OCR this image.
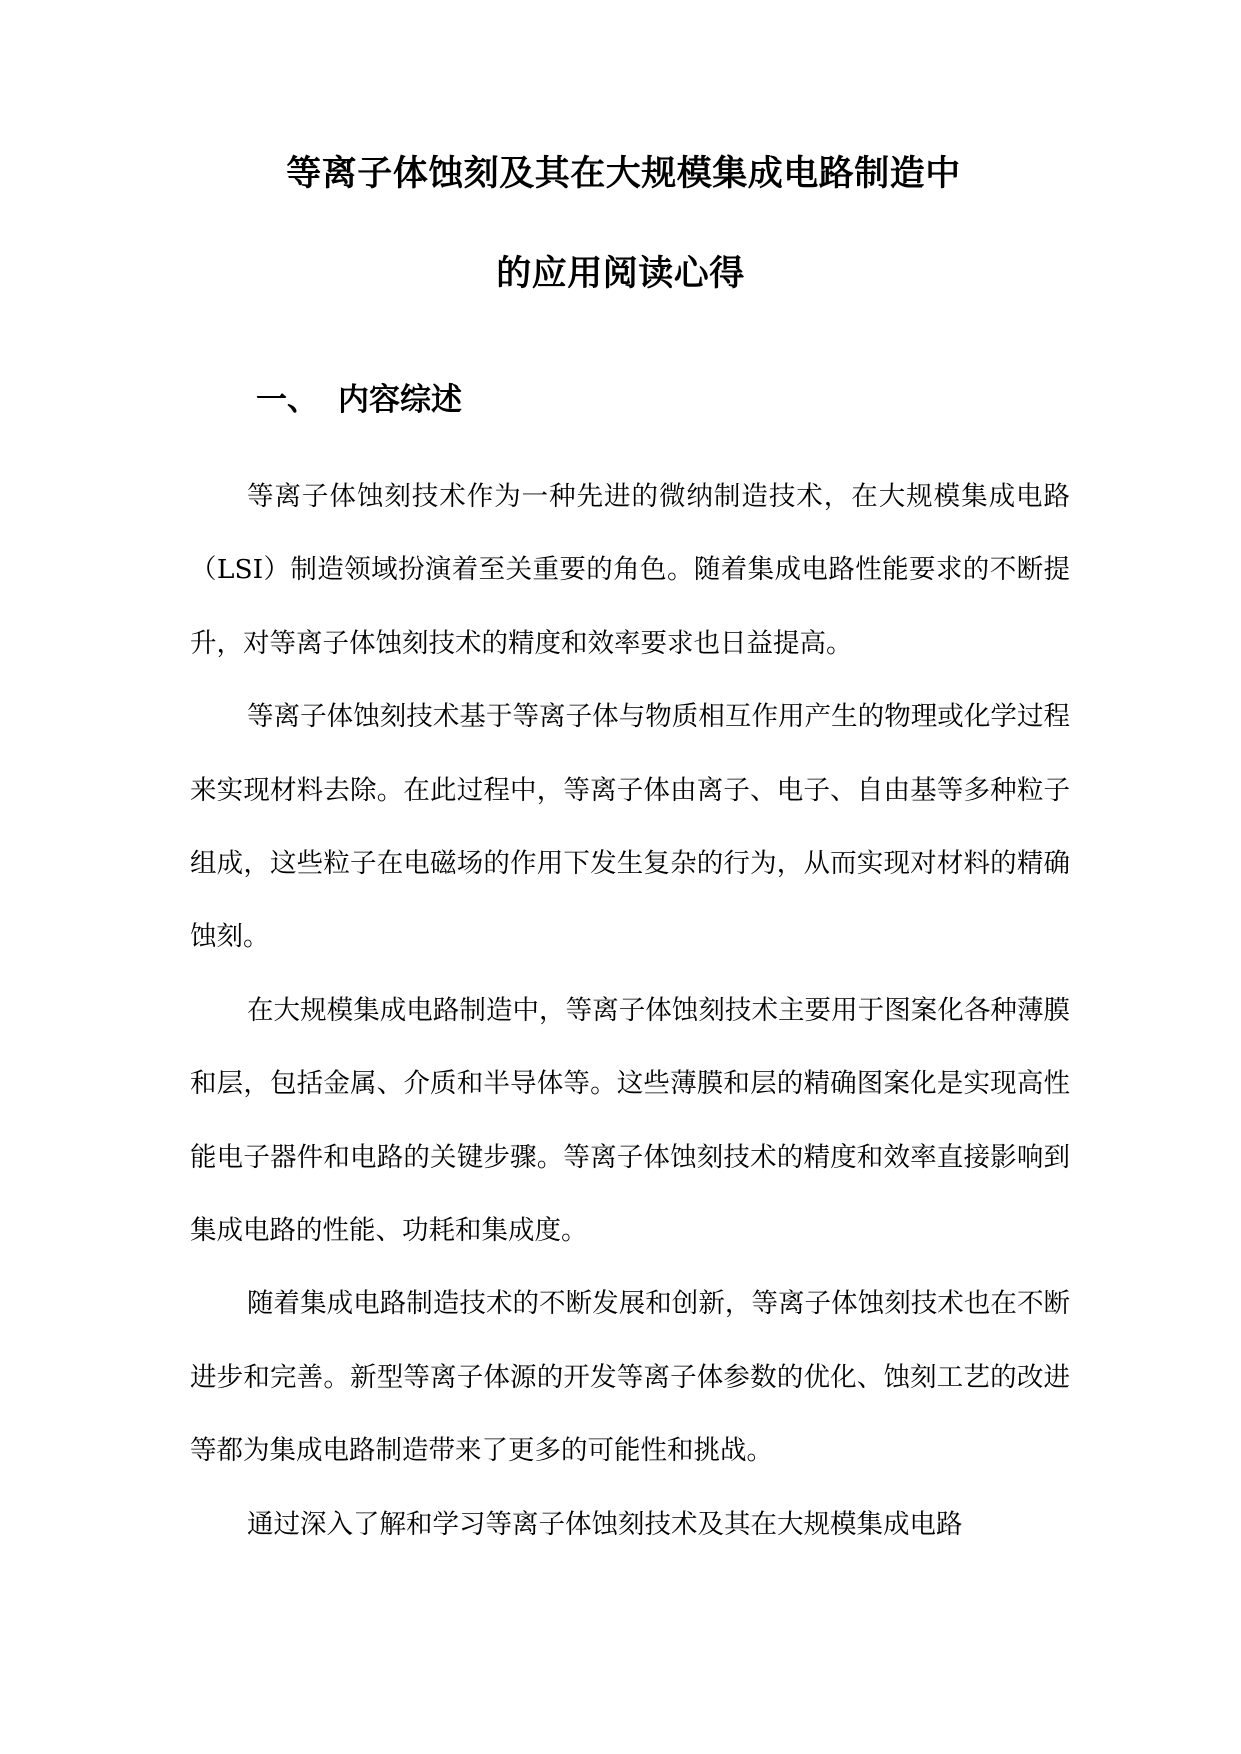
等离子体蚀刻及其在大规模集成电路制造中
的应用阅读心得
一、 内容综述

等离子体蚀刻技术作为一种先进的微纳制造技术，在大规模集成电路（LSI）制造领域扮演着至关重要的角色。随着集成电路性能要求的不断提升，对等离子体蚀刻技术的精度和效率要求也日益提高。

等离子体蚀刻技术基于等离子体与物质相互作用产生的物理或化学过程来实现材料去除。在此过程中，等离子体由离子、电子、自由基等多种粒子组成，这些粒子在电磁场的作用下发生复杂的行为，从而实现对材料的精确蚀刻。

在大规模集成电路制造中，等离子体蚀刻技术主要用于图案化各种薄膜和层，包括金属、介质和半导体等。这些薄膜和层的精确图案化是实现高性能电子器件和电路的关键步骤。等离子体蚀刻技术的精度和效率直接影响到集成电路的性能、功耗和集成度。

随着集成电路制造技术的不断发展和创新，等离子体蚀刻技术也在不断进步和完善。新型等离子体源的开发等离子体参数的优化、蚀刻工艺的改进等都为集成电路制造带来了更多的可能性和挑战。

通过深入了解和学习等离子体蚀刻技术及其在大规模集成电路
